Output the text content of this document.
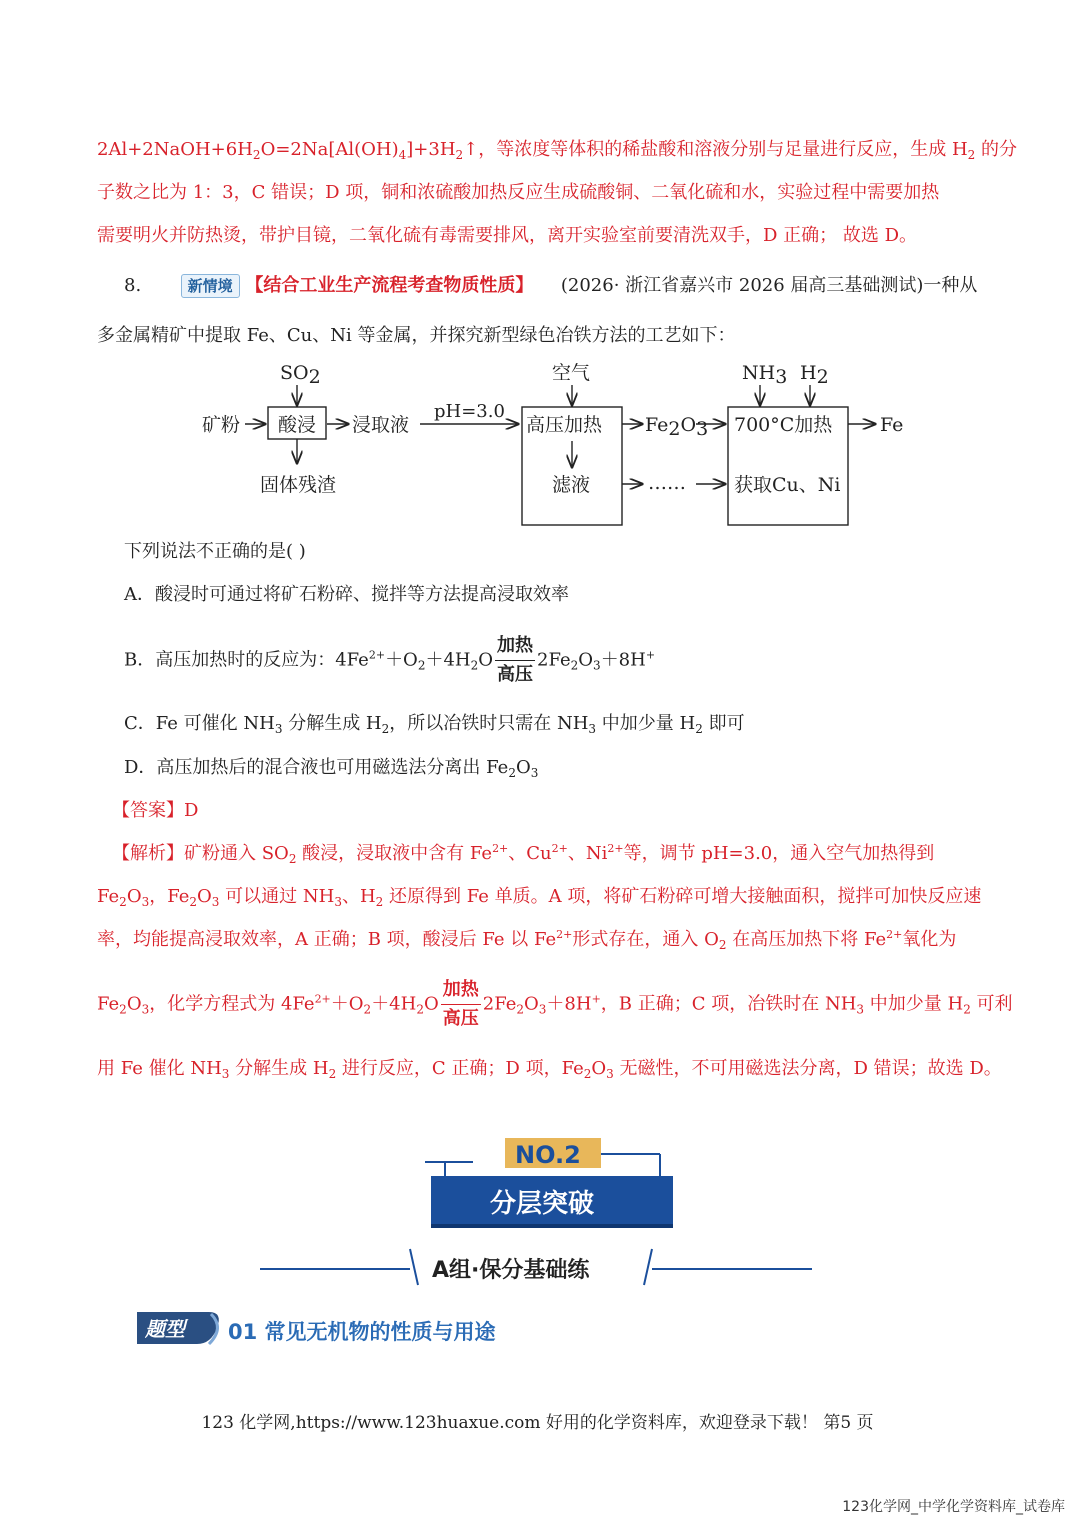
$2Al+2NaOH+6H_2O=2Na[Al(OH)_4]+3H_2↑$，等浓度等体积的稀盐酸和溶液分别与足量进行反应，生成 $H_2$ 的分
子数之比为 1：3，C 错误；D 项，铜和浓硫酸加热反应生成硫酸铜、二氧化硫和水，实验过程中需要加热
需要明火并防热烫，带护目镜，二氧化硫有毒需要排风，离开实验室前要清洗双手，D 正确； 故选 D。
8.	新情境 【结合工业生产流程考查物质性质】 (2026· 浙江省嘉兴市 2026 届高三基础测试)一种从
多金属精矿中提取 Fe、Cu、Ni 等金属，并探究新型绿色冶铁方法的工艺如下：
矿粉 酸浸
SO2
固体残渣
浸取液
pH=3.0
空气
高压加热
滤液
Fe2O3
……
NH3 H2
700°C加热
获取Cu、Ni
Fe
下列说法不正确的是( )
A．酸浸时可通过将矿石粉碎、搅拌等方法提高浸取效率
B．高压加热时的反应为：$4Fe^{2+}+O_2+4H_2O \frac{\text{加热}}{\text{高压}} 2Fe_2O_3+8H^+$
C．Fe 可催化 $NH_3$ 分解生成 $H_2$，所以冶铁时只需在 $NH_3$ 中加少量 $H_2$ 即可
D．高压加热后的混合液也可用磁选法分离出 $Fe_2O_3$
【答案】D
【解析】矿粉通入 $SO_2$ 酸浸，浸取液中含有 $Fe^{2+}$、$Cu^{2+}$、$Ni^{2+}$等，调节 pH=3.0，通入空气加热得到
$Fe_2O_3$，$Fe_2O_3$ 可以通过 $NH_3$、$H_2$ 还原得到 Fe 单质。A 项，将矿石粉碎可增大接触面积，搅拌可加快反应速
率，均能提高浸取效率，A 正确；B 项，酸浸后 Fe 以 $Fe^{2+}$形式存在，通入 $O_2$ 在高压加热下将 $Fe^{2+}$氧化为
$Fe_2O_3$，化学方程式为 $4Fe^{2+}+O_2+4H_2O \frac{\text{加热}}{\text{高压}} 2Fe_2O_3+8H^+$，B 正确；C 项，冶铁时在 $NH_3$ 中加少量 $H_2$ 可利
用 Fe 催化 $NH_3$ 分解生成 $H_2$ 进行反应，C 正确；D 项，$Fe_2O_3$ 无磁性，不可用磁选法分离，D 错误；故选 D。
NO.2
分层突破
A组·保分基础练
题型 01 常见无机物的性质与用途
123 化学网,https://www.123huaxue.com 好用的化学资料库，欢迎登录下载！ 第5 页
123化学网_中学化学资料库_试卷库
